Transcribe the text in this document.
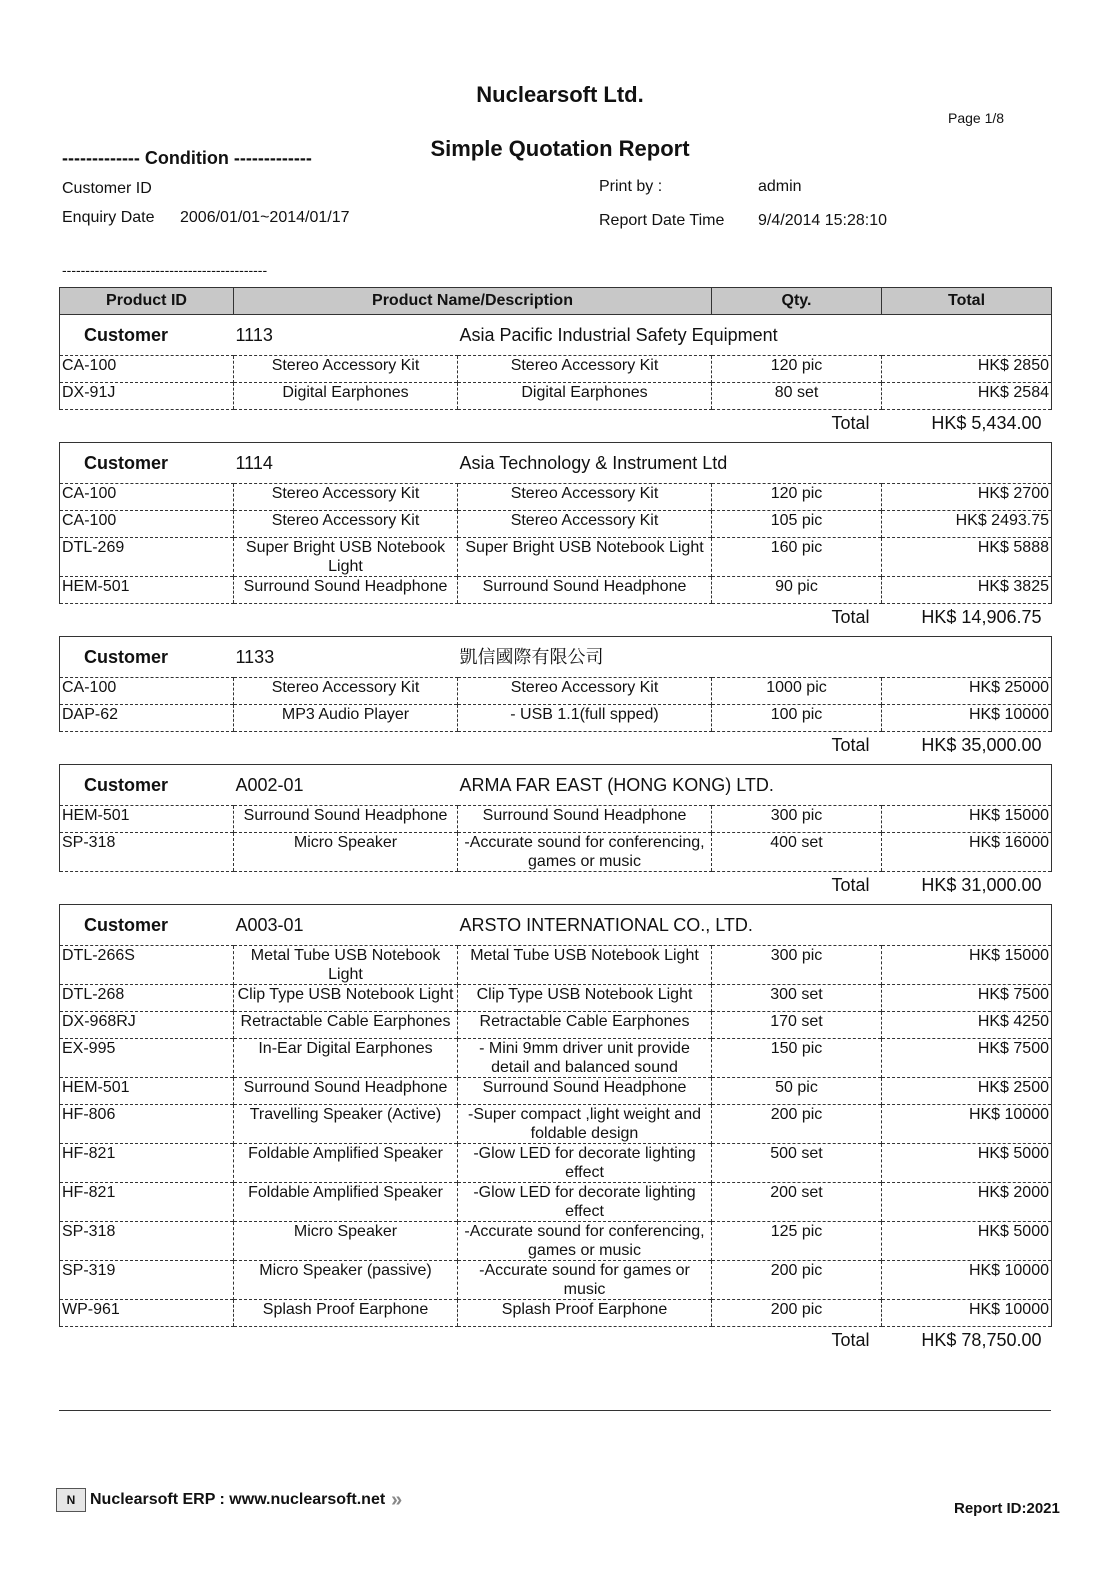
Nuclearsoft Ltd.
Page 1/8
Simple Quotation Report
------------- Condition -------------
Customer ID
Enquiry Date 2006/01/01~2014/01/17
Print by :	admin
Report Date Time 9/4/2014 15:28:10
--------------------------------------------
Product ID	Product Name/Description		Qty.	Total
Customer	1113	Asia Pacific Industrial Safety Equipment		
CA-100	Stereo Accessory Kit	Stereo Accessory Kit	120 pic	HK$ 2850
DX-91J	Digital Earphones	Digital Earphones	80 set	HK$ 2584
			Total	HK$ 5,434.00

Customer	1114	Asia Technology & Instrument Ltd		
CA-100	Stereo Accessory Kit	Stereo Accessory Kit	120 pic	HK$ 2700
CA-100	Stereo Accessory Kit	Stereo Accessory Kit	105 pic	HK$ 2493.75
DTL-269	Super Bright USB Notebook Light	Super Bright USB Notebook Light	160 pic	HK$ 5888
HEM-501	Surround Sound Headphone	Surround Sound Headphone	90 pic	HK$ 3825
			Total	HK$ 14,906.75

Customer	1133	凱信國際有限公司		
CA-100	Stereo Accessory Kit	Stereo Accessory Kit	1000 pic	HK$ 25000
DAP-62	MP3 Audio Player	- USB 1.1(full spped)	100 pic	HK$ 10000
			Total	HK$ 35,000.00

Customer	A002-01	ARMA FAR EAST (HONG KONG) LTD.		
HEM-501	Surround Sound Headphone	Surround Sound Headphone	300 pic	HK$ 15000
SP-318	Micro Speaker	-Accurate sound for conferencing, games or music	400 set	HK$ 16000
			Total	HK$ 31,000.00

Customer	A003-01	ARSTO INTERNATIONAL CO., LTD.		
DTL-266S	Metal Tube USB Notebook Light	Metal Tube USB Notebook Light	300 pic	HK$ 15000
DTL-268	Clip Type USB Notebook Light	Clip Type USB Notebook Light	300 set	HK$ 7500
DX-968RJ	Retractable Cable Earphones	Retractable Cable Earphones	170 set	HK$ 4250
EX-995	In-Ear Digital Earphones	- Mini 9mm driver unit provide detail and balanced sound	150 pic	HK$ 7500
HEM-501	Surround Sound Headphone	Surround Sound Headphone	50 pic	HK$ 2500
HF-806	Travelling Speaker (Active)	-Super compact ,light weight and foldable design	200 pic	HK$ 10000
HF-821	Foldable Amplified Speaker	-Glow LED for decorate lighting effect	500 set	HK$ 5000
HF-821	Foldable Amplified Speaker	-Glow LED for decorate lighting effect	200 set	HK$ 2000
SP-318	Micro Speaker	-Accurate sound for conferencing, games or music	125 pic	HK$ 5000
SP-319	Micro Speaker (passive)	-Accurate sound for games or music	200 pic	HK$ 10000
WP-961	Splash Proof Earphone	Splash Proof Earphone	200 pic	HK$ 10000
			Total	HK$ 78,750.00
N Nuclearsoft ERP : www.nuclearsoft.net »	Report ID:2021
